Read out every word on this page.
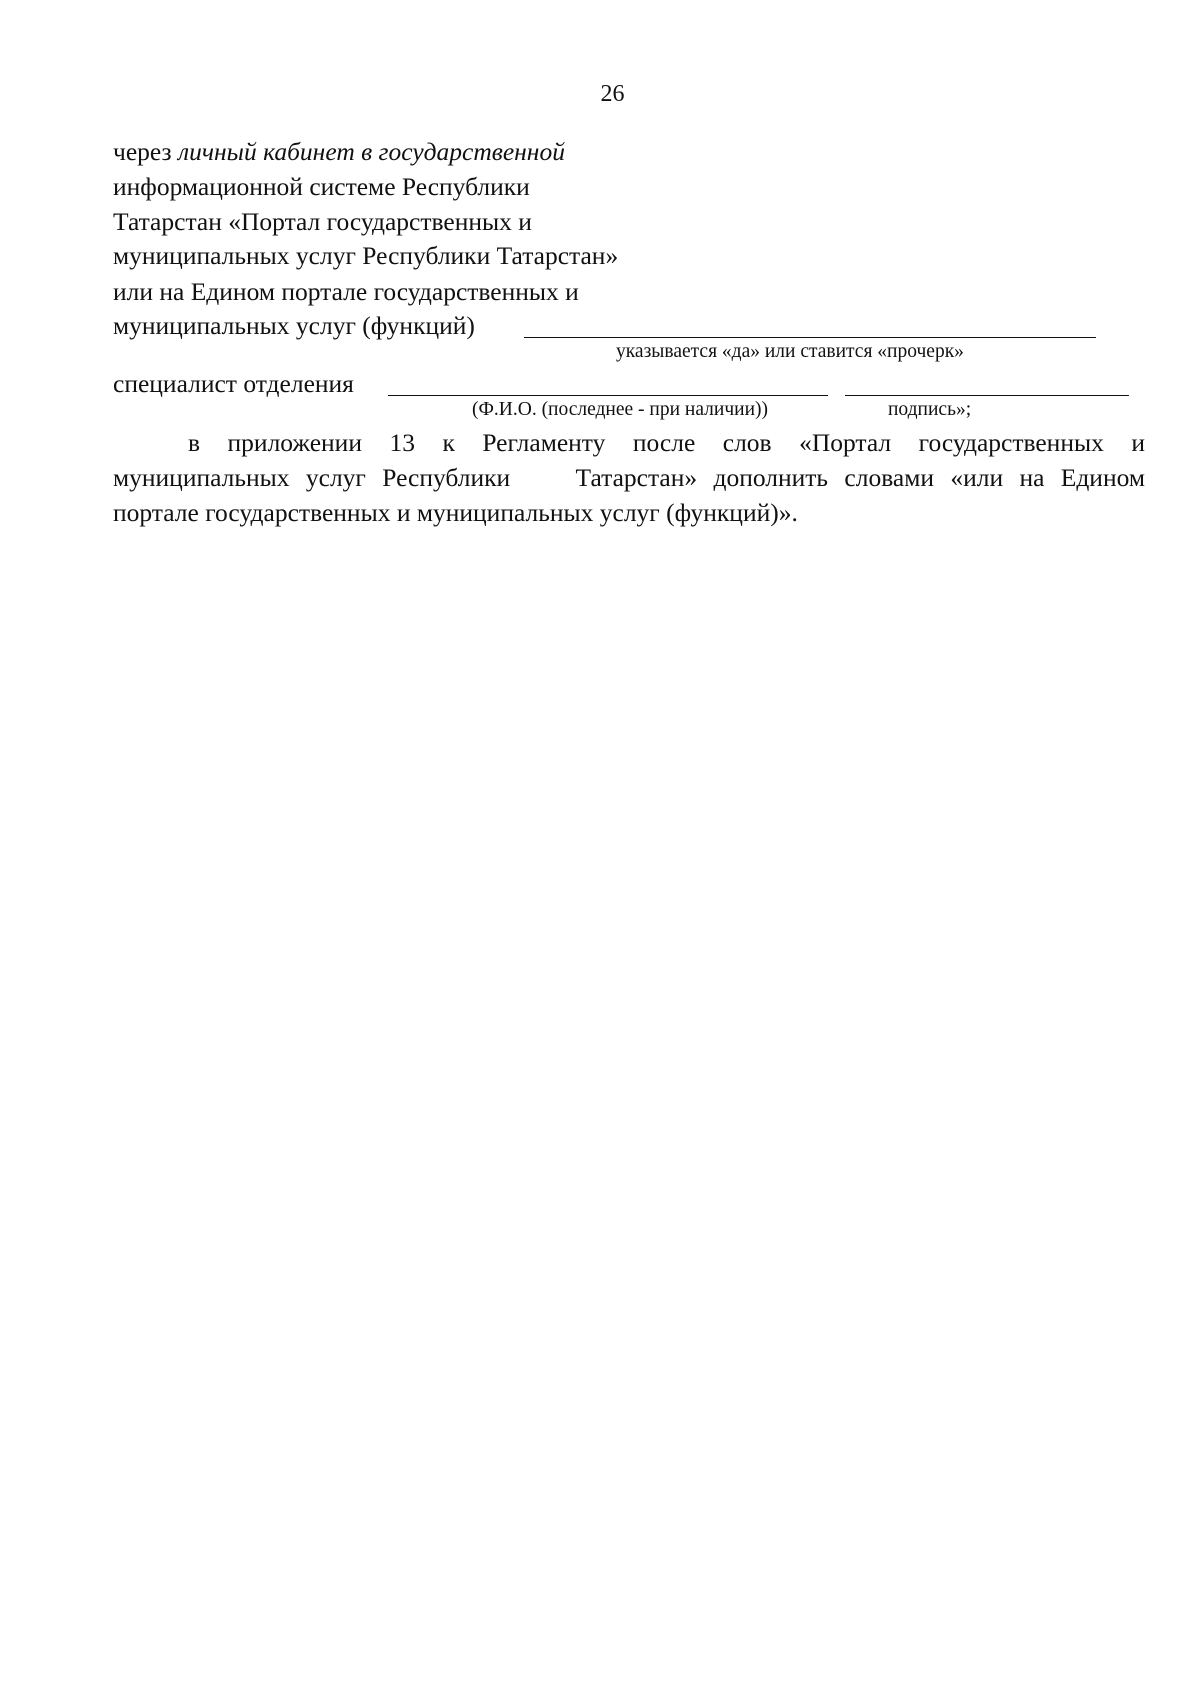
26
через личный кабинет в государственной
информационной системе Республики
Татарстан «Портал государственных и
муниципальных услуг Республики Татарстан»
или на Едином портале государственных и
муниципальных услуг (функций)
указывается «да» или ставится «прочерк»
специалист отделения
(Ф.И.О. (последнее - при наличии))	подпись»;
в приложении 13 к Регламенту после слов «Портал государственных и
муниципальных услуг Республики    Татарстан» дополнить словами «или на Едином
портале государственных и муниципальных услуг (функций)».
